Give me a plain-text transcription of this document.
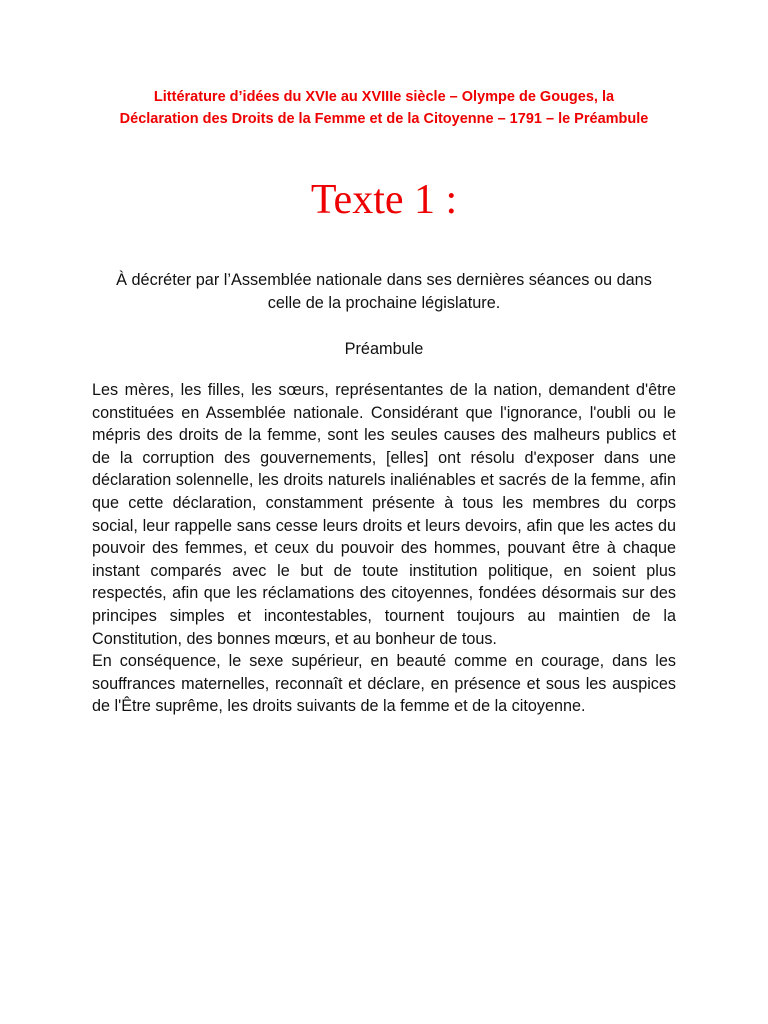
Littérature d’idées du XVIe au XVIIIe siècle – Olympe de Gouges, la
Déclaration des Droits de la Femme et de la Citoyenne – 1791 – le Préambule
Texte 1 :
À décréter par l’Assemblée nationale dans ses dernières séances ou dans
celle de la prochaine législature.
Préambule

Les mères, les filles, les sœurs, représentantes de la nation, demandent d'être constituées en Assemblée nationale. Considérant que l'ignorance, l'oubli ou le mépris des droits de la femme, sont les seules causes des malheurs publics et de la corruption des gouvernements, [elles] ont résolu d'exposer dans une déclaration solennelle, les droits naturels inaliénables et sacrés de la femme, afin que cette déclaration, constamment présente à tous les membres du corps social, leur rappelle sans cesse leurs droits et leurs devoirs, afin que les actes du pouvoir des femmes, et ceux du pouvoir des hommes, pouvant être à chaque instant comparés avec le but de toute institution politique, en soient plus respectés, afin que les réclamations des citoyennes, fondées désormais sur des principes simples et incontestables, tournent toujours au maintien de la Constitution, des bonnes mœurs, et au bonheur de tous.

En conséquence, le sexe supérieur, en beauté comme en courage, dans les souffrances maternelles, reconnaît et déclare, en présence et sous les auspices de l'Être suprême, les droits suivants de la femme et de la citoyenne.
